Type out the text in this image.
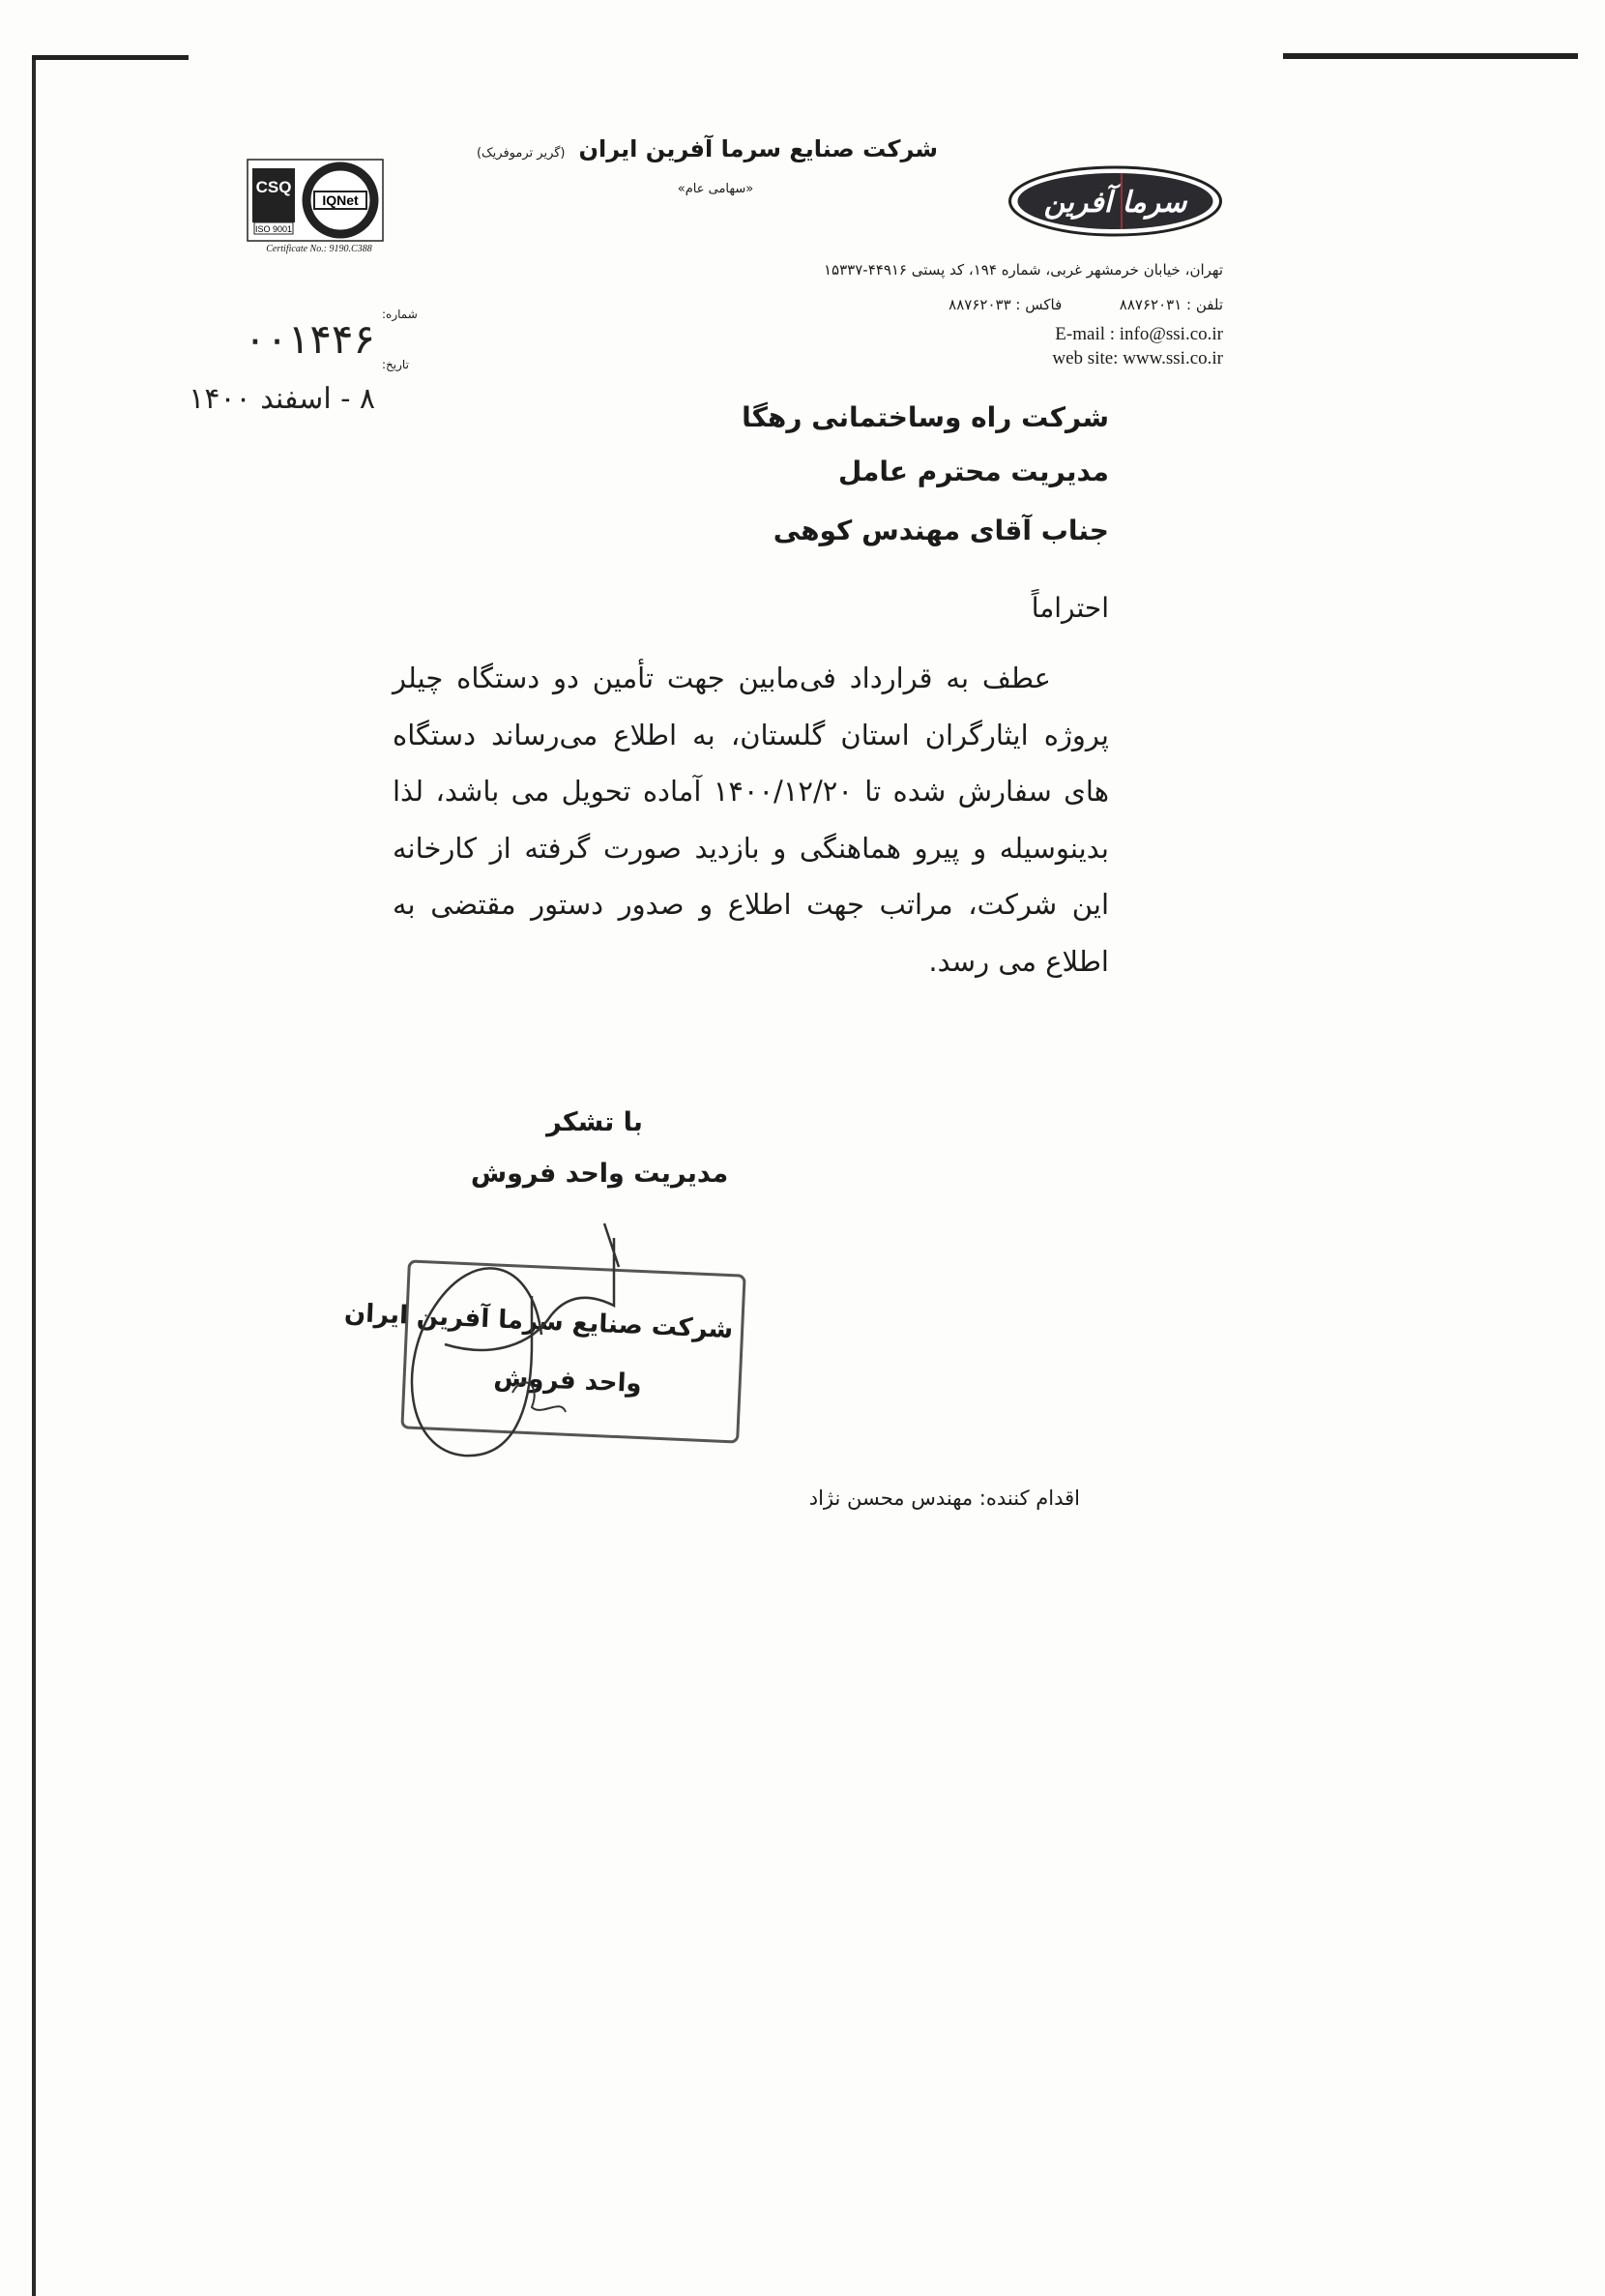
شرکت صنایع سرما آفرین ایران
(گریر ترموفریک)
«سهامی عام»	سرما آفرین
CSQ
ISO 9001
IQNet
Certificate No.: 9190.C388
تهران، خیابان خرمشهر غربی، شماره ۱۹۴، کد پستی ۴۴۹۱۶-۱۵۳۳۷
تلفن : ۸۸۷۶۲۰۳۱  فاکس : ۸۸۷۶۲۰۳۳
E-mail : info@ssi.co.ir
web site: www.ssi.co.ir
شماره:
۰۰۱۴۴۶
تاریخ:
۸ - اسفند ۱۴۰۰
شرکت راه وساختمانی رهگا
مدیریت محترم عامل
جناب آقای مهندس کوهی
احتراماً
عطف به قرارداد فی‌مابین جهت تأمین دو دستگاه چیلر پروژه ایثارگران استان گلستان، به اطلاع می‌رساند دستگاه های سفارش شده تا ۱۴۰۰/۱۲/۲۰ آماده تحویل می باشد، لذا بدینوسیله و پیرو هماهنگی و بازدید صورت گرفته از کارخانه این شرکت، مراتب جهت اطلاع و صدور دستور مقتضی به اطلاع می رسد.
با تشکر
مدیریت واحد فروش
شرکت صنایع سرما آفرین ایران
واحد فروش
اقدام کننده: مهندس محسن نژاد
